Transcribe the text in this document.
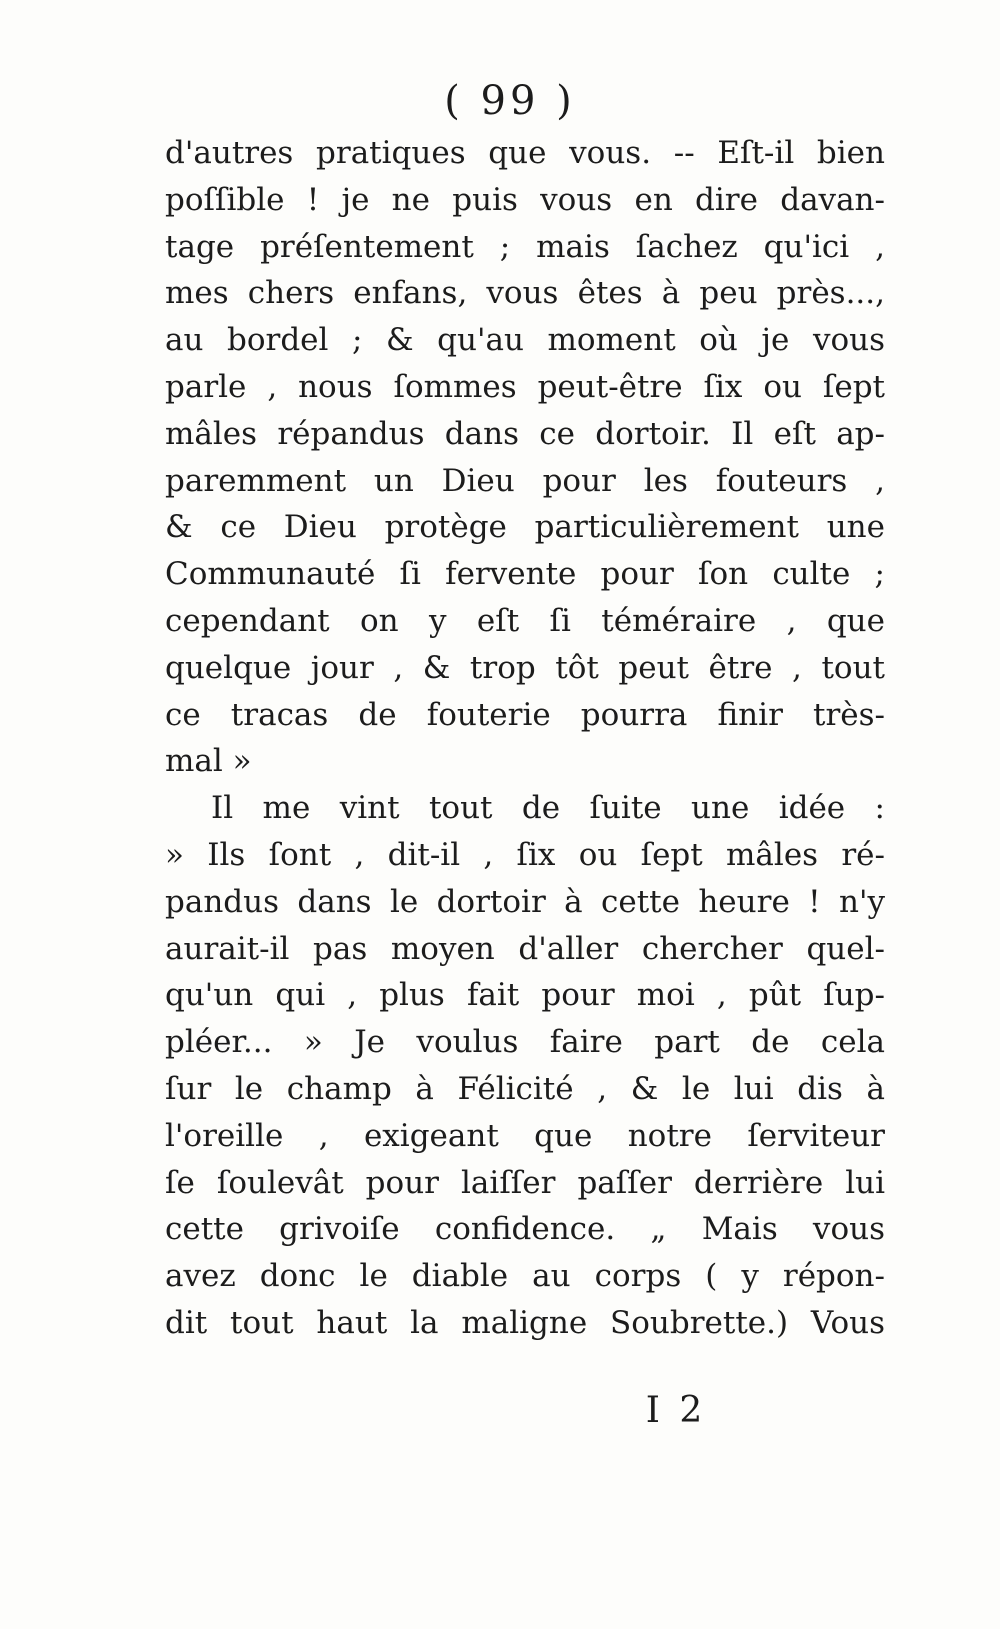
( 99 )
d'autres pratiques que vous. -- Eſt-il bien
poſſible ! je ne puis vous en dire davan-
tage préſentement ; mais ſachez qu'ici ,
mes chers enfans, vous êtes à peu près...,
au bordel ; & qu'au moment où je vous
parle , nous ſommes peut-être ſix ou ſept
mâles répandus dans ce dortoir. Il eſt ap-
paremment un Dieu pour les fouteurs ,
& ce Dieu protège particulièrement une
Communauté ſi fervente pour ſon culte ;
cependant on y eſt ſi téméraire , que
quelque jour , & trop tôt peut être , tout
ce tracas de fouterie pourra finir très-
mal »
Il me vint tout de ſuite une idée :
» Ils ſont , dit-il , ſix ou ſept mâles ré-
pandus dans le dortoir à cette heure ! n'y
aurait-il pas moyen d'aller chercher quel-
qu'un qui , plus fait pour moi , pût ſup-
pléer... » Je voulus faire part de cela
ſur le champ à Félicité , & le lui dis à
l'oreille , exigeant que notre ſerviteur
ſe ſoulevât pour laiſſer paſſer derrière lui
cette grivoiſe confidence. „ Mais vous
avez donc le diable au corps ( y répon-
dit tout haut la maligne Soubrette.) Vous
I 2
